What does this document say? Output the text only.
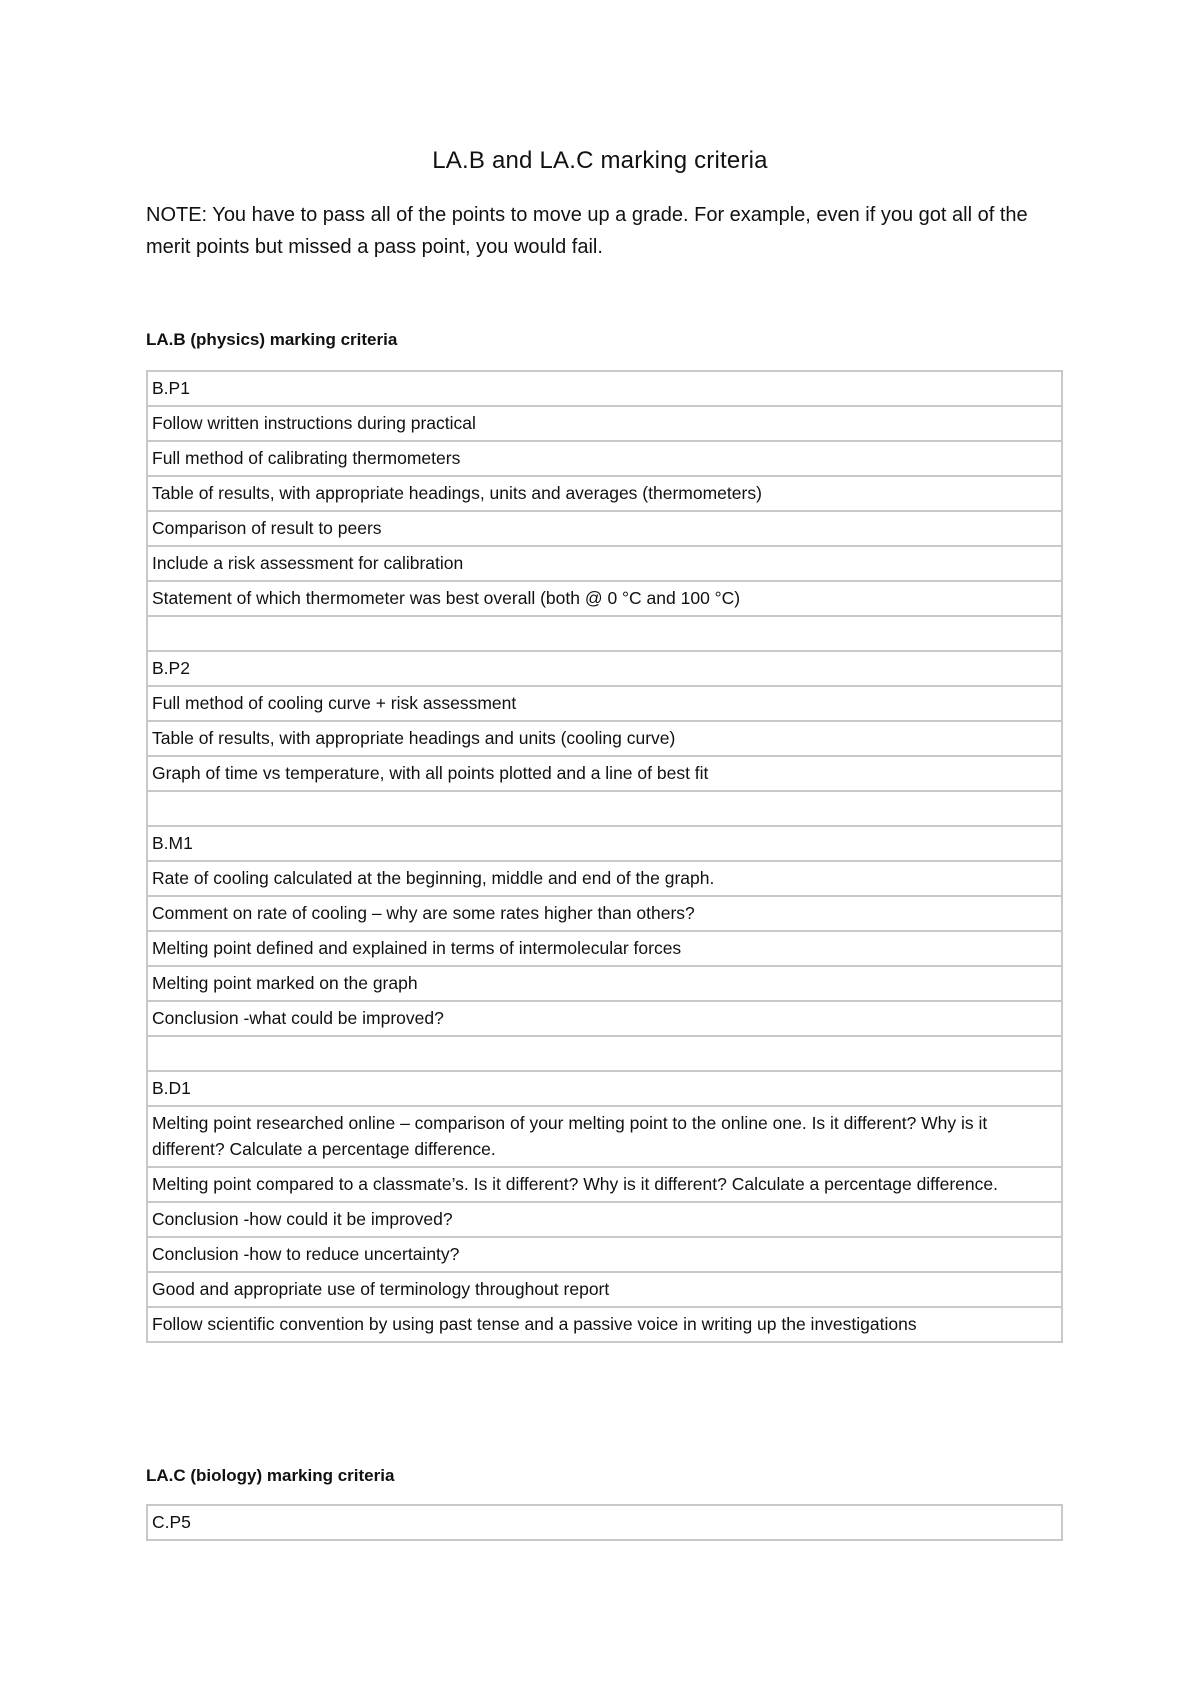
LA.B and LA.C marking criteria
NOTE: You have to pass all of the points to move up a grade. For example, even if you got all of the merit points but missed a pass point, you would fail.
LA.B (physics) marking criteria
B.P1
Follow written instructions during practical
Full method of calibrating thermometers
Table of results, with appropriate headings, units and averages (thermometers)
Comparison of result to peers
Include a risk assessment for calibration
Statement of which thermometer was best overall (both @ 0 °C and 100 °C)

B.P2
Full method of cooling curve + risk assessment
Table of results, with appropriate headings and units (cooling curve)
Graph of time vs temperature, with all points plotted and a line of best fit

B.M1
Rate of cooling calculated at the beginning, middle and end of the graph.
Comment on rate of cooling – why are some rates higher than others?
Melting point defined and explained in terms of intermolecular forces
Melting point marked on the graph
Conclusion -what could be improved?

B.D1
Melting point researched online – comparison of your melting point to the online one. Is it different? Why is it different? Calculate a percentage difference.
Melting point compared to a classmate’s. Is it different? Why is it different? Calculate a percentage difference.
Conclusion -how could it be improved?
Conclusion -how to reduce uncertainty?
Good and appropriate use of terminology throughout report
Follow scientific convention by using past tense and a passive voice in writing up the investigations
LA.C (biology) marking criteria
C.P5
